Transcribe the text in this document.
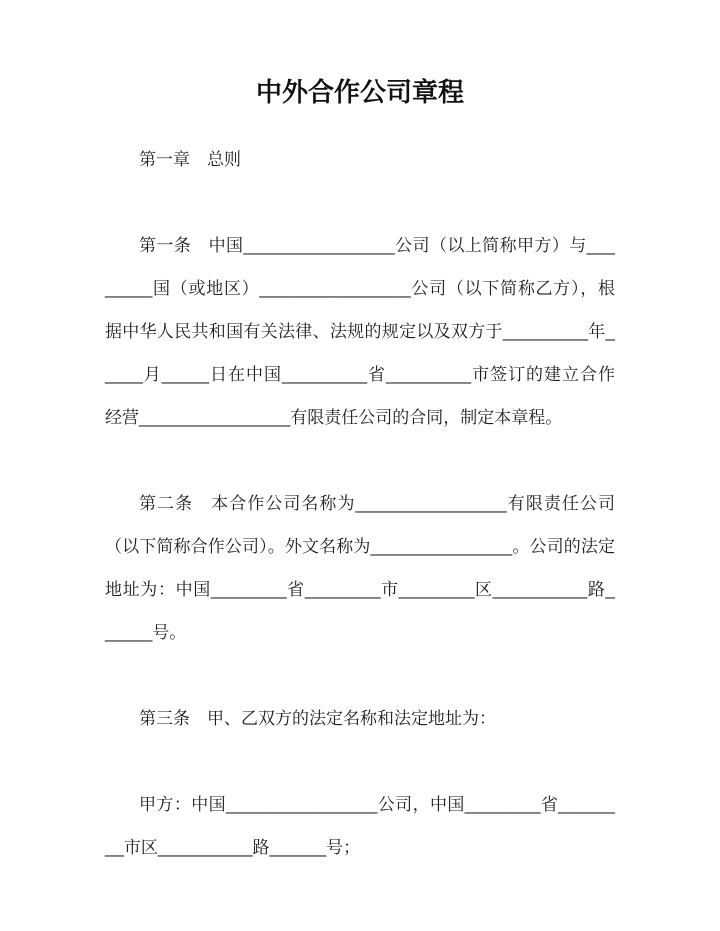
中外合作公司章程
第一章　总则

第一条　中国________________公司（以上简称甲方）与________国（或地区）________________公司（以下简称乙方），根据中华人民共和国有关法律、法规的规定以及双方于_________年_____月_____日在中国_________省_________市签订的建立合作经营________________有限责任公司的合同，制定本章程。

第二条　本合作公司名称为________________有限责任公司（以下简称合作公司）。外文名称为_______________。公司的法定地址为：中国________省________市________区__________路______号。

第三条　甲、乙双方的法定名称和法定地址为：

甲方：中国________________公司，中国________省________市区__________路______号；
